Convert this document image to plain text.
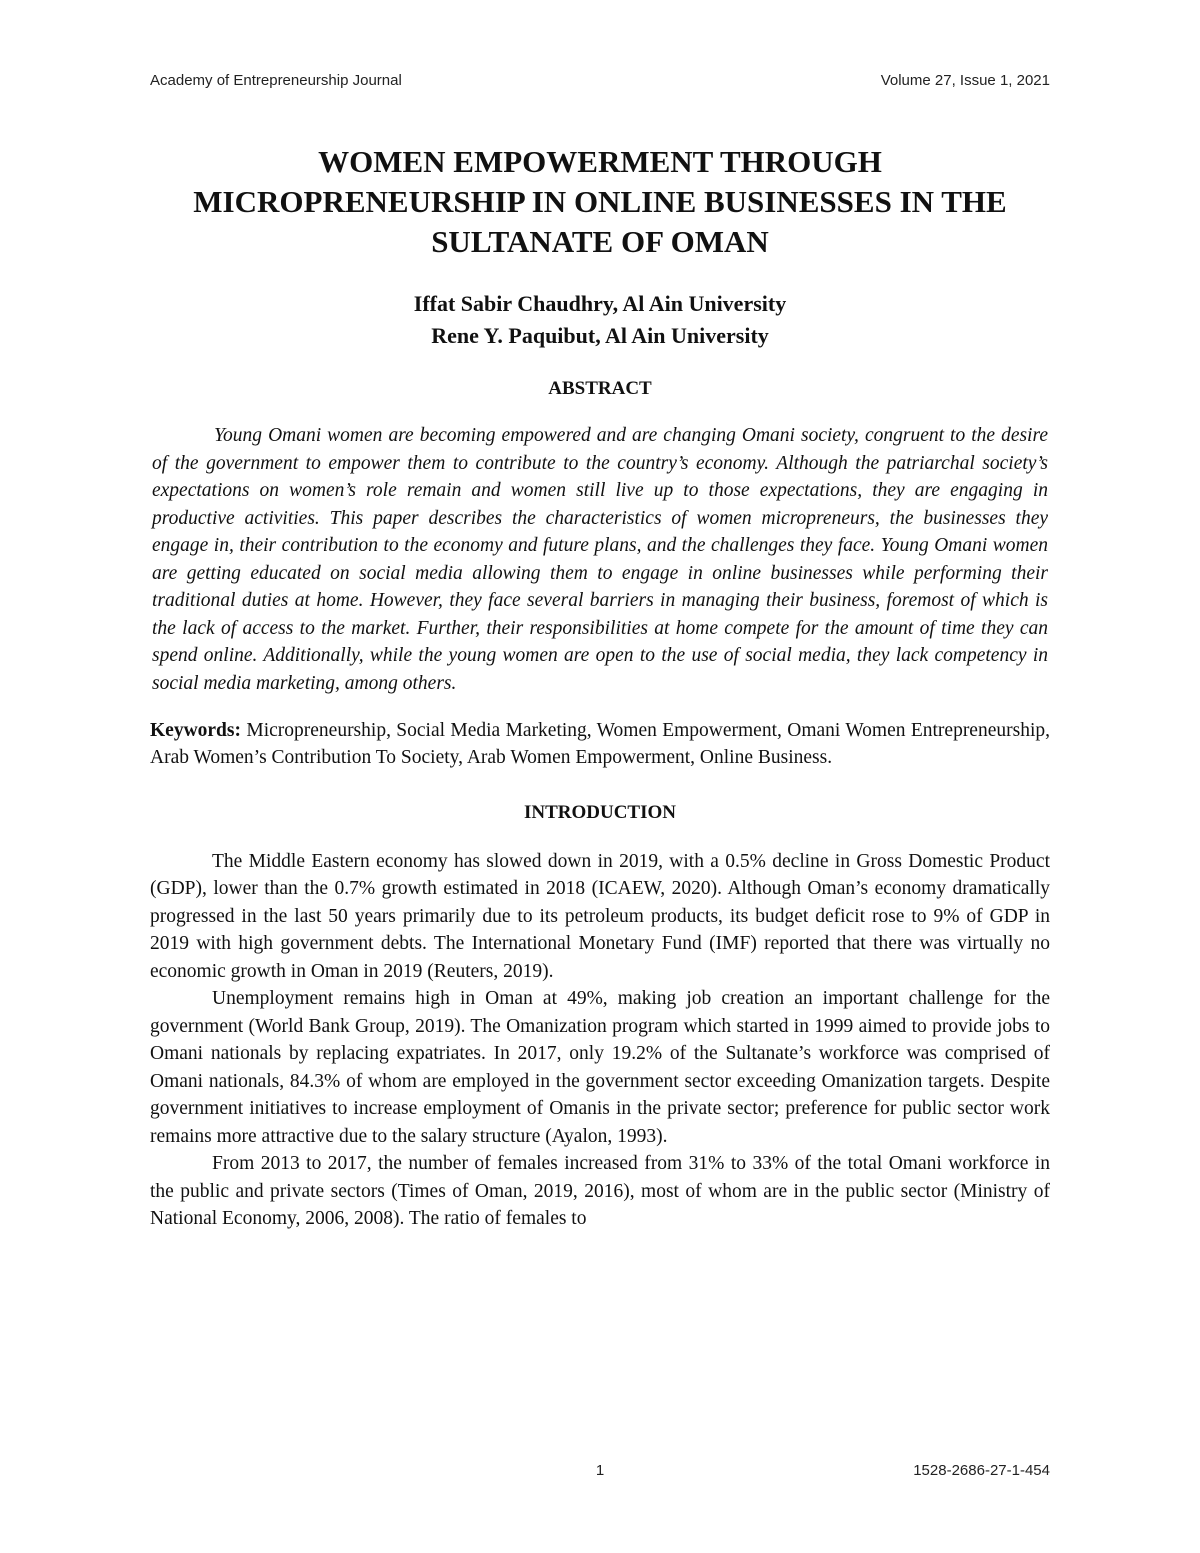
Academy of Entrepreneurship Journal	Volume 27, Issue 1, 2021
WOMEN EMPOWERMENT THROUGH MICROPRENEURSHIP IN ONLINE BUSINESSES IN THE SULTANATE OF OMAN
Iffat Sabir Chaudhry, Al Ain University
Rene Y. Paquibut, Al Ain University
ABSTRACT

Young Omani women are becoming empowered and are changing Omani society, congruent to the desire of the government to empower them to contribute to the country’s economy. Although the patriarchal society’s expectations on women’s role remain and women still live up to those expectations, they are engaging in productive activities. This paper describes the characteristics of women micropreneurs, the businesses they engage in, their contribution to the economy and future plans, and the challenges they face. Young Omani women are getting educated on social media allowing them to engage in online businesses while performing their traditional duties at home. However, they face several barriers in managing their business, foremost of which is the lack of access to the market. Further, their responsibilities at home compete for the amount of time they can spend online. Additionally, while the young women are open to the use of social media, they lack competency in social media marketing, among others.

Keywords: Micropreneurship, Social Media Marketing, Women Empowerment, Omani Women Entrepreneurship, Arab Women’s Contribution To Society, Arab Women Empowerment, Online Business.

INTRODUCTION

The Middle Eastern economy has slowed down in 2019, with a 0.5% decline in Gross Domestic Product (GDP), lower than the 0.7% growth estimated in 2018 (ICAEW, 2020). Although Oman’s economy dramatically progressed in the last 50 years primarily due to its petroleum products, its budget deficit rose to 9% of GDP in 2019 with high government debts. The International Monetary Fund (IMF) reported that there was virtually no economic growth in Oman in 2019 (Reuters, 2019).

Unemployment remains high in Oman at 49%, making job creation an important challenge for the government (World Bank Group, 2019). The Omanization program which started in 1999 aimed to provide jobs to Omani nationals by replacing expatriates. In 2017, only 19.2% of the Sultanate’s workforce was comprised of Omani nationals, 84.3% of whom are employed in the government sector exceeding Omanization targets. Despite government initiatives to increase employment of Omanis in the private sector; preference for public sector work remains more attractive due to the salary structure (Ayalon, 1993).

From 2013 to 2017, the number of females increased from 31% to 33% of the total Omani workforce in the public and private sectors (Times of Oman, 2019, 2016), most of whom are in the public sector (Ministry of National Economy, 2006, 2008). The ratio of females to

1	1528-2686-27-1-454
